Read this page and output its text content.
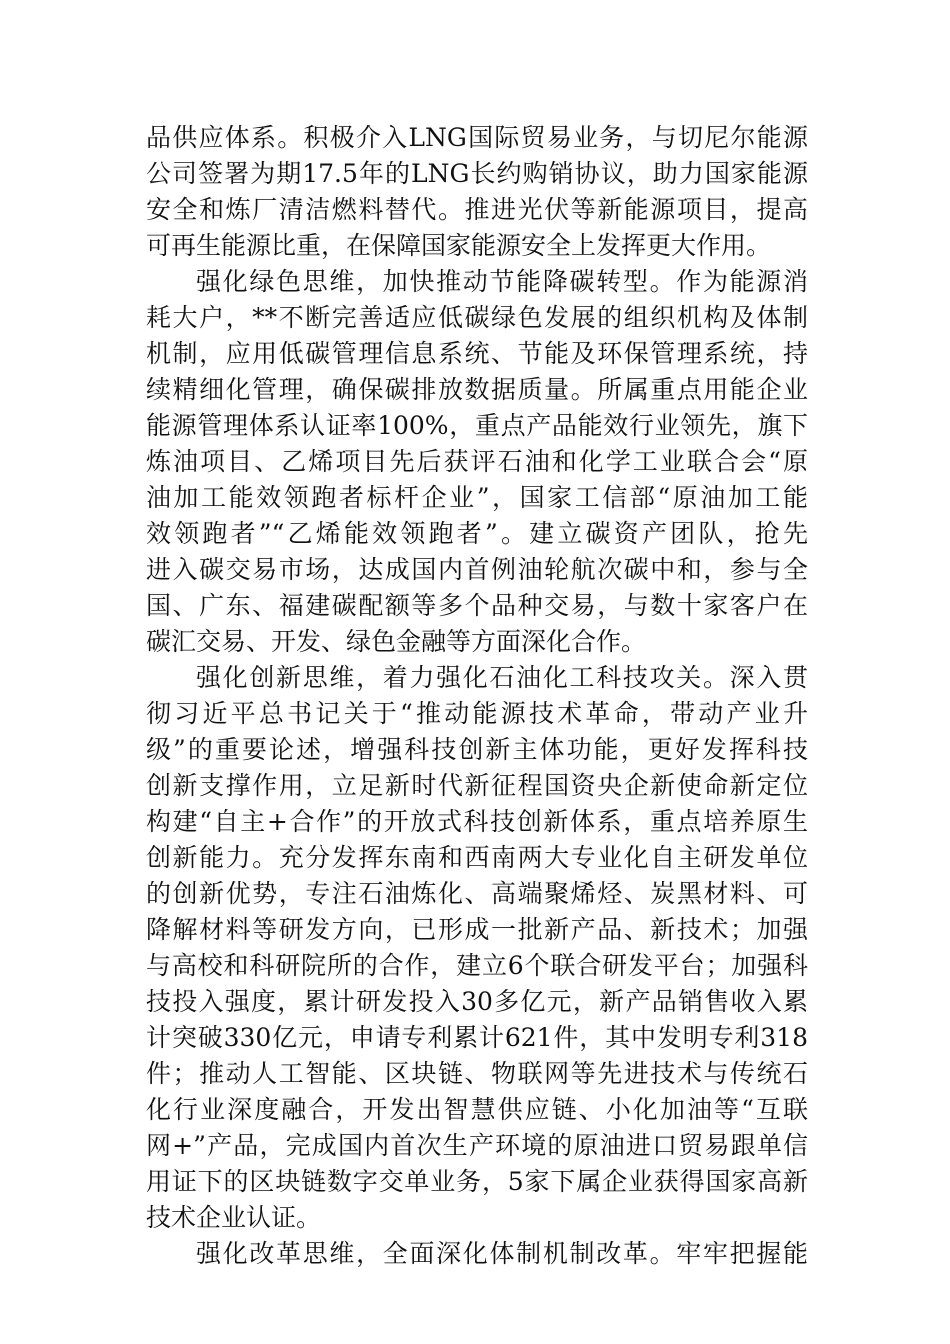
品供应体系。积极介入LNG国际贸易业务，与切尼尔能源
公司签署为期17.5年的LNG长约购销协议，助力国家能源
安全和炼厂清洁燃料替代。推进光伏等新能源项目，提高
可再生能源比重，在保障国家能源安全上发挥更大作用。
强化绿色思维，加快推动节能降碳转型。作为能源消
耗大户，**不断完善适应低碳绿色发展的组织机构及体制
机制，应用低碳管理信息系统、节能及环保管理系统，持
续精细化管理，确保碳排放数据质量。所属重点用能企业
能源管理体系认证率100%，重点产品能效行业领先，旗下
炼油项目、乙烯项目先后获评石油和化学工业联合会“原
油加工能效领跑者标杆企业”，国家工信部“原油加工能
效领跑者”“乙烯能效领跑者”。建立碳资产团队，抢先
进入碳交易市场，达成国内首例油轮航次碳中和，参与全
国、广东、福建碳配额等多个品种交易，与数十家客户在
碳汇交易、开发、绿色金融等方面深化合作。
强化创新思维，着力强化石油化工科技攻关。深入贯
彻习近平总书记关于“推动能源技术革命，带动产业升
级”的重要论述，增强科技创新主体功能，更好发挥科技
创新支撑作用，立足新时代新征程国资央企新使命新定位
构建“自主+合作”的开放式科技创新体系，重点培养原生
创新能力。充分发挥东南和西南两大专业化自主研发单位
的创新优势，专注石油炼化、高端聚烯烃、炭黑材料、可
降解材料等研发方向，已形成一批新产品、新技术；加强
与高校和科研院所的合作，建立6个联合研发平台；加强科
技投入强度，累计研发投入30多亿元，新产品销售收入累
计突破330亿元，申请专利累计621件，其中发明专利318
件；推动人工智能、区块链、物联网等先进技术与传统石
化行业深度融合，开发出智慧供应链、小化加油等“互联
网+”产品，完成国内首次生产环境的原油进口贸易跟单信
用证下的区块链数字交单业务，5家下属企业获得国家高新
技术企业认证。
强化改革思维，全面深化体制机制改革。牢牢把握能
